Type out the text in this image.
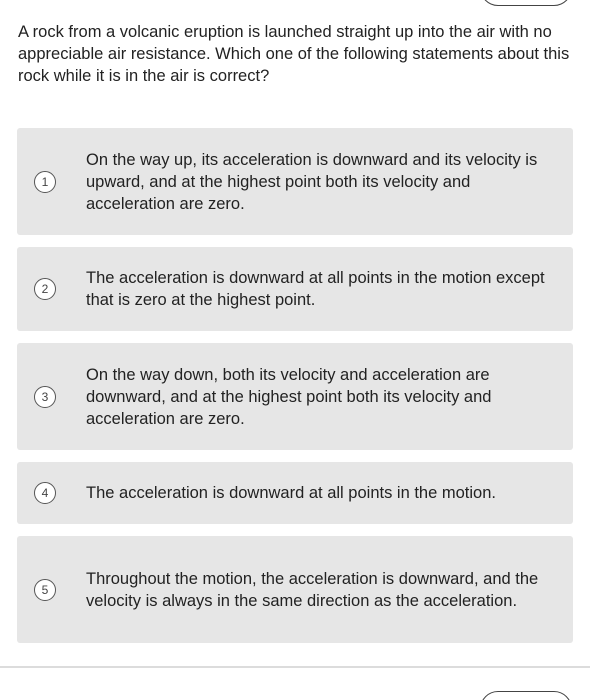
A rock from a volcanic eruption is launched straight up into the air with no appreciable air resistance. Which one of the following statements about this rock while it is in the air is correct?

1
On the way up, its acceleration is downward and its velocity is upward, and at the highest point both its velocity and acceleration are zero.
2
The acceleration is downward at all points in the motion except that is zero at the highest point.
3
On the way down, both its velocity and acceleration are downward, and at the highest point both its velocity and acceleration are zero.
4	The acceleration is downward at all points in the motion.
5
Throughout the motion, the acceleration is downward, and the velocity is always in the same direction as the acceleration.
